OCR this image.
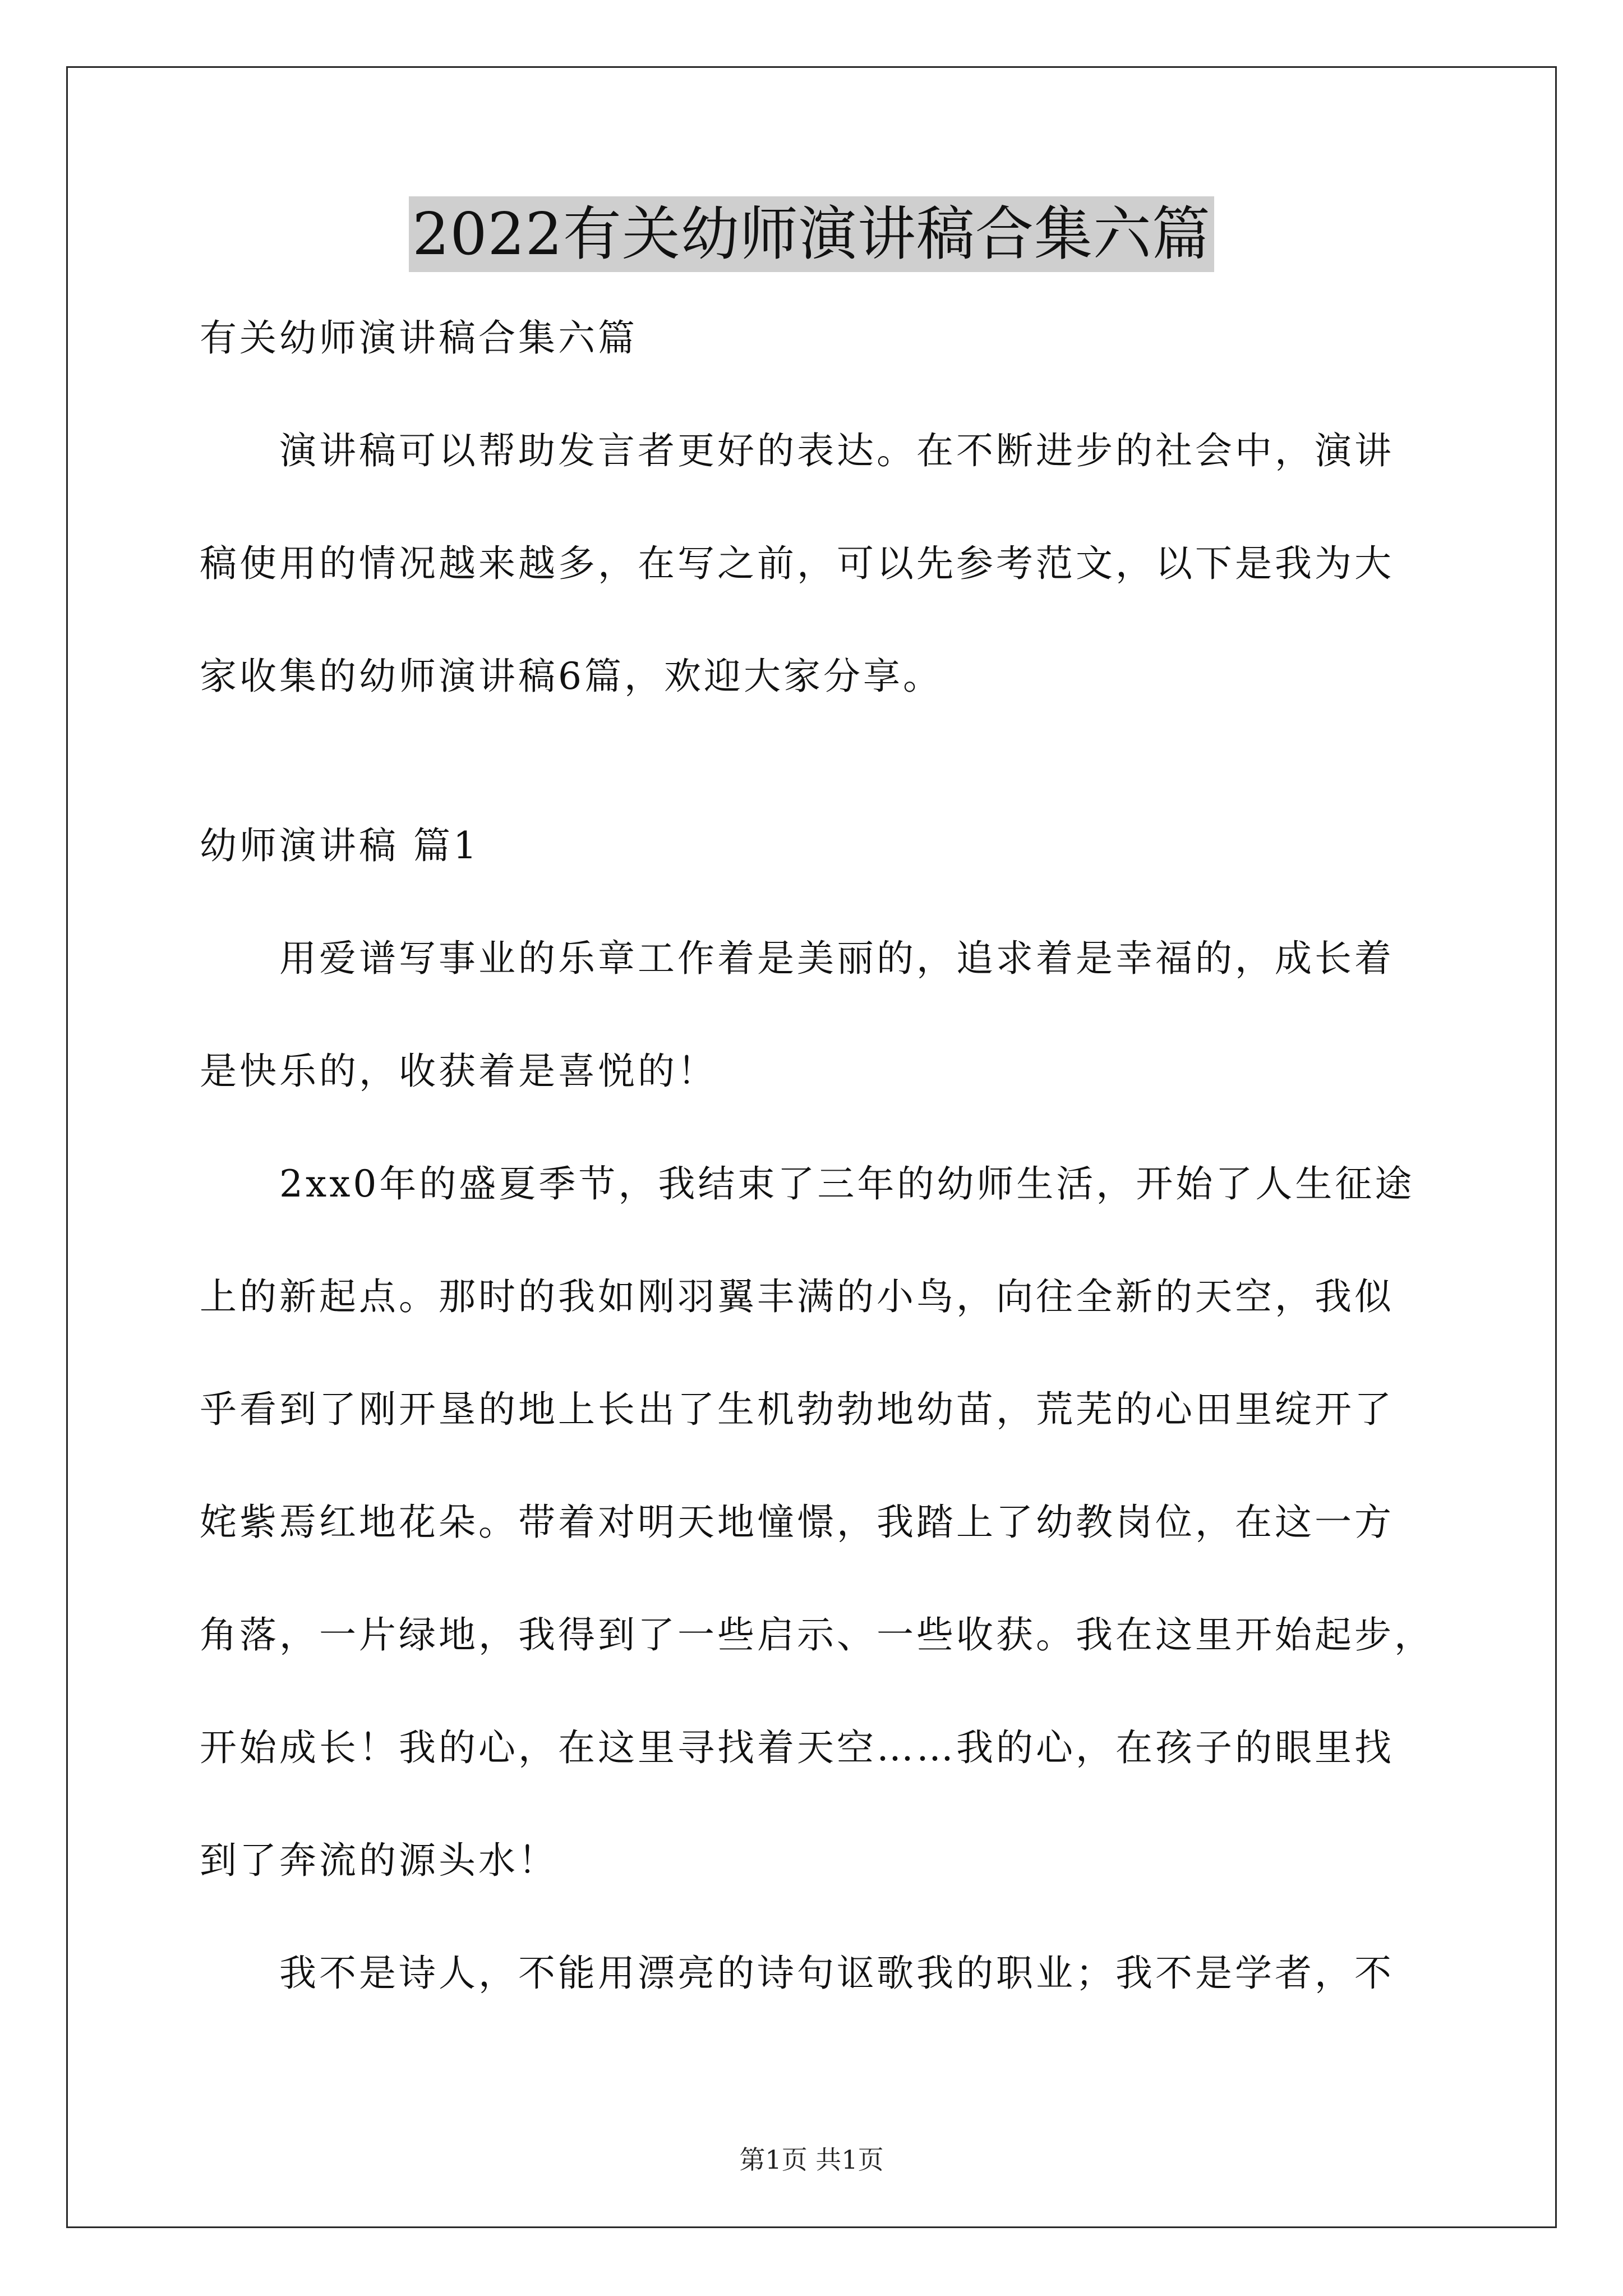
2022有关幼师演讲稿合集六篇
有关幼师演讲稿合集六篇
演讲稿可以帮助发言者更好的表达。在不断进步的社会中，演讲
稿使用的情况越来越多，在写之前，可以先参考范文，以下是我为大
家收集的幼师演讲稿6篇，欢迎大家分享。
幼师演讲稿 篇1
用爱谱写事业的乐章工作着是美丽的，追求着是幸福的，成长着
是快乐的，收获着是喜悦的！
2xx0年的盛夏季节，我结束了三年的幼师生活，开始了人生征途
上的新起点。那时的我如刚羽翼丰满的小鸟，向往全新的天空，我似
乎看到了刚开垦的地上长出了生机勃勃地幼苗，荒芜的心田里绽开了
姹紫焉红地花朵。带着对明天地憧憬，我踏上了幼教岗位，在这一方
角落，一片绿地，我得到了一些启示、一些收获。我在这里开始起步，
开始成长！我的心，在这里寻找着天空……我的心，在孩子的眼里找
到了奔流的源头水！
我不是诗人，不能用漂亮的诗句讴歌我的职业；我不是学者，不
第1页 共1页
